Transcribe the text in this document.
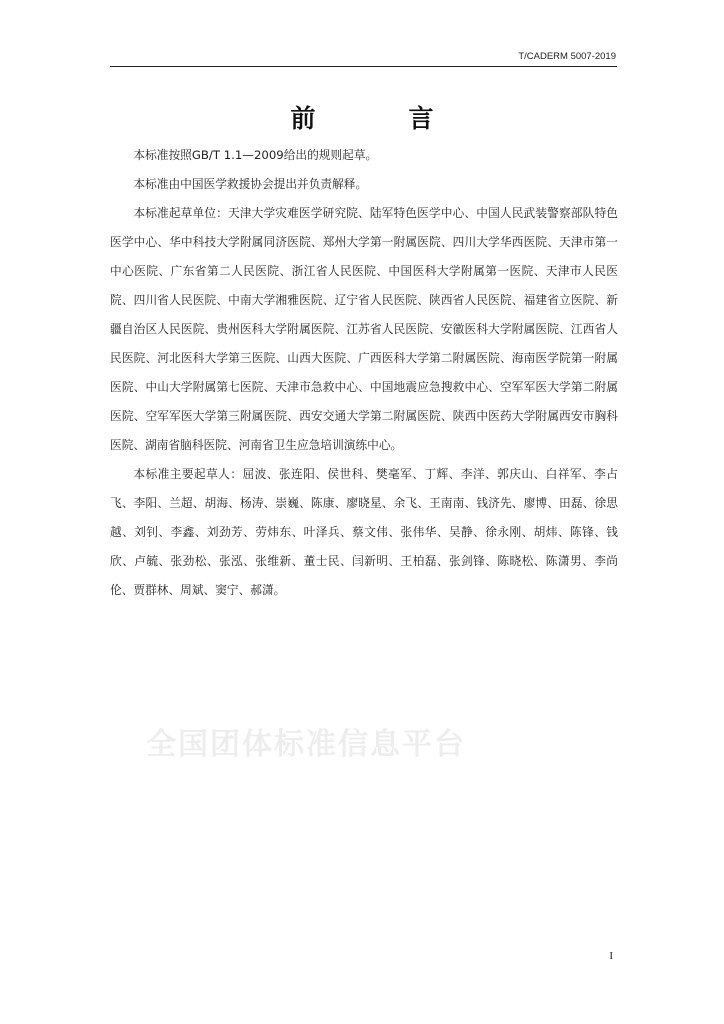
T/CADERM 5007-2019
全国团体标准信息平台
前　言

本标准按照GB/T 1.1—2009给出的规则起草。

本标准由中国医学救援协会提出并负责解释。

本标准起草单位：天津大学灾难医学研究院、陆军特色医学中心、中国人民武装警察部队特色医学中心、华中科技大学附属同济医院、郑州大学第一附属医院、四川大学华西医院、天津市第一中心医院、广东省第二人民医院、浙江省人民医院、中国医科大学附属第一医院、天津市人民医院、四川省人民医院、中南大学湘雅医院、辽宁省人民医院、陕西省人民医院、福建省立医院、新疆自治区人民医院、贵州医科大学附属医院、江苏省人民医院、安徽医科大学附属医院、江西省人民医院、河北医科大学第三医院、山西大医院、广西医科大学第二附属医院、海南医学院第一附属医院、中山大学附属第七医院、天津市急救中心、中国地震应急搜救中心、空军军医大学第二附属医院、空军军医大学第三附属医院、西安交通大学第二附属医院、陕西中医药大学附属西安市胸科医院、湖南省脑科医院、河南省卫生应急培训演练中心。

本标准主要起草人：屈波、张连阳、侯世科、樊毫军、丁辉、李洋、郭庆山、白祥军、李占飞、李阳、兰超、胡海、杨涛、崇巍、陈康、廖晓星、余飞、王南南、钱济先、廖博、田磊、徐思越、刘钊、李鑫、刘劲芳、劳炜东、叶泽兵、蔡文伟、张伟华、吴静、徐永刚、胡炜、陈锋、钱欣、卢毓、张劲松、张泓、张维新、董士民、闫新明、王柏磊、张剑锋、陈晓松、陈潇男、李尚伦、贾群林、周斌、窦宁、郝潇。

I
